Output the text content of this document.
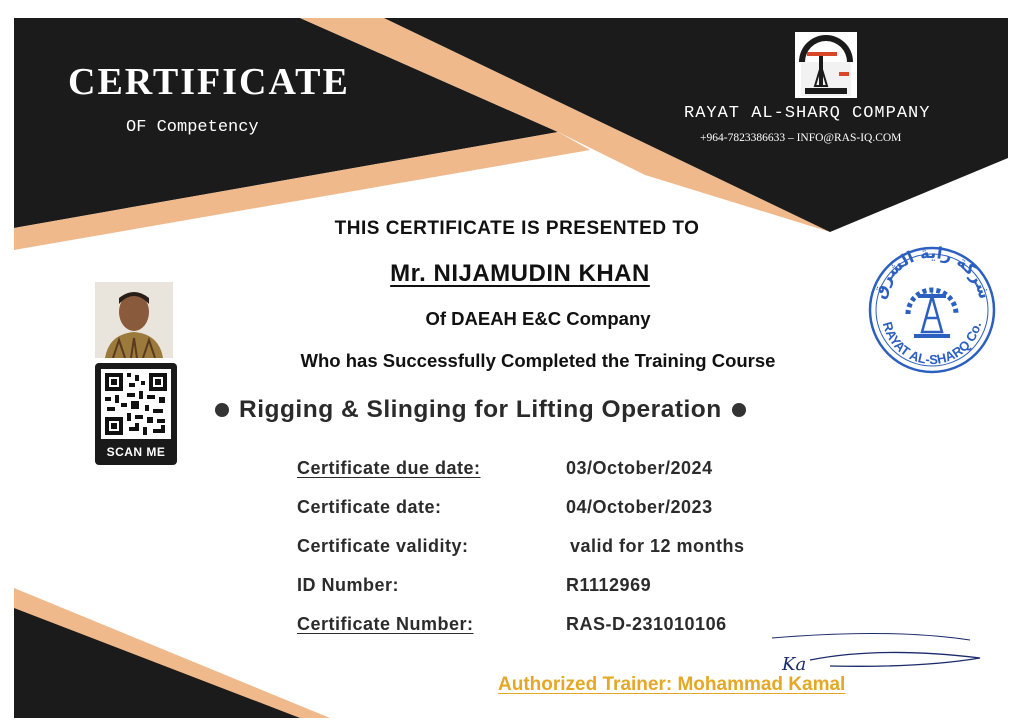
CERTIFICATE
OF Competency
RAYAT AL-SHARQ COMPANY
+964-7823386633 – INFO@RAS-IQ.COM
THIS CERTIFICATE IS PRESENTED TO
Mr. NIJAMUDIN KHAN
Of DAEAH E&C Company
Who has Successfully Completed the Training Course
Rigging & Slinging for Lifting Operation
SCAN ME
Certificate due date:	03/October/2024
Certificate date:	04/October/2023
Certificate validity:	valid for 12 months
ID Number:	R1112969
Certificate Number:	RAS-D-231010106
شركة راية الشرق
RAYAT AL-SHARQ Co.
Ka
Authorized Trainer: Mohammad Kamal
